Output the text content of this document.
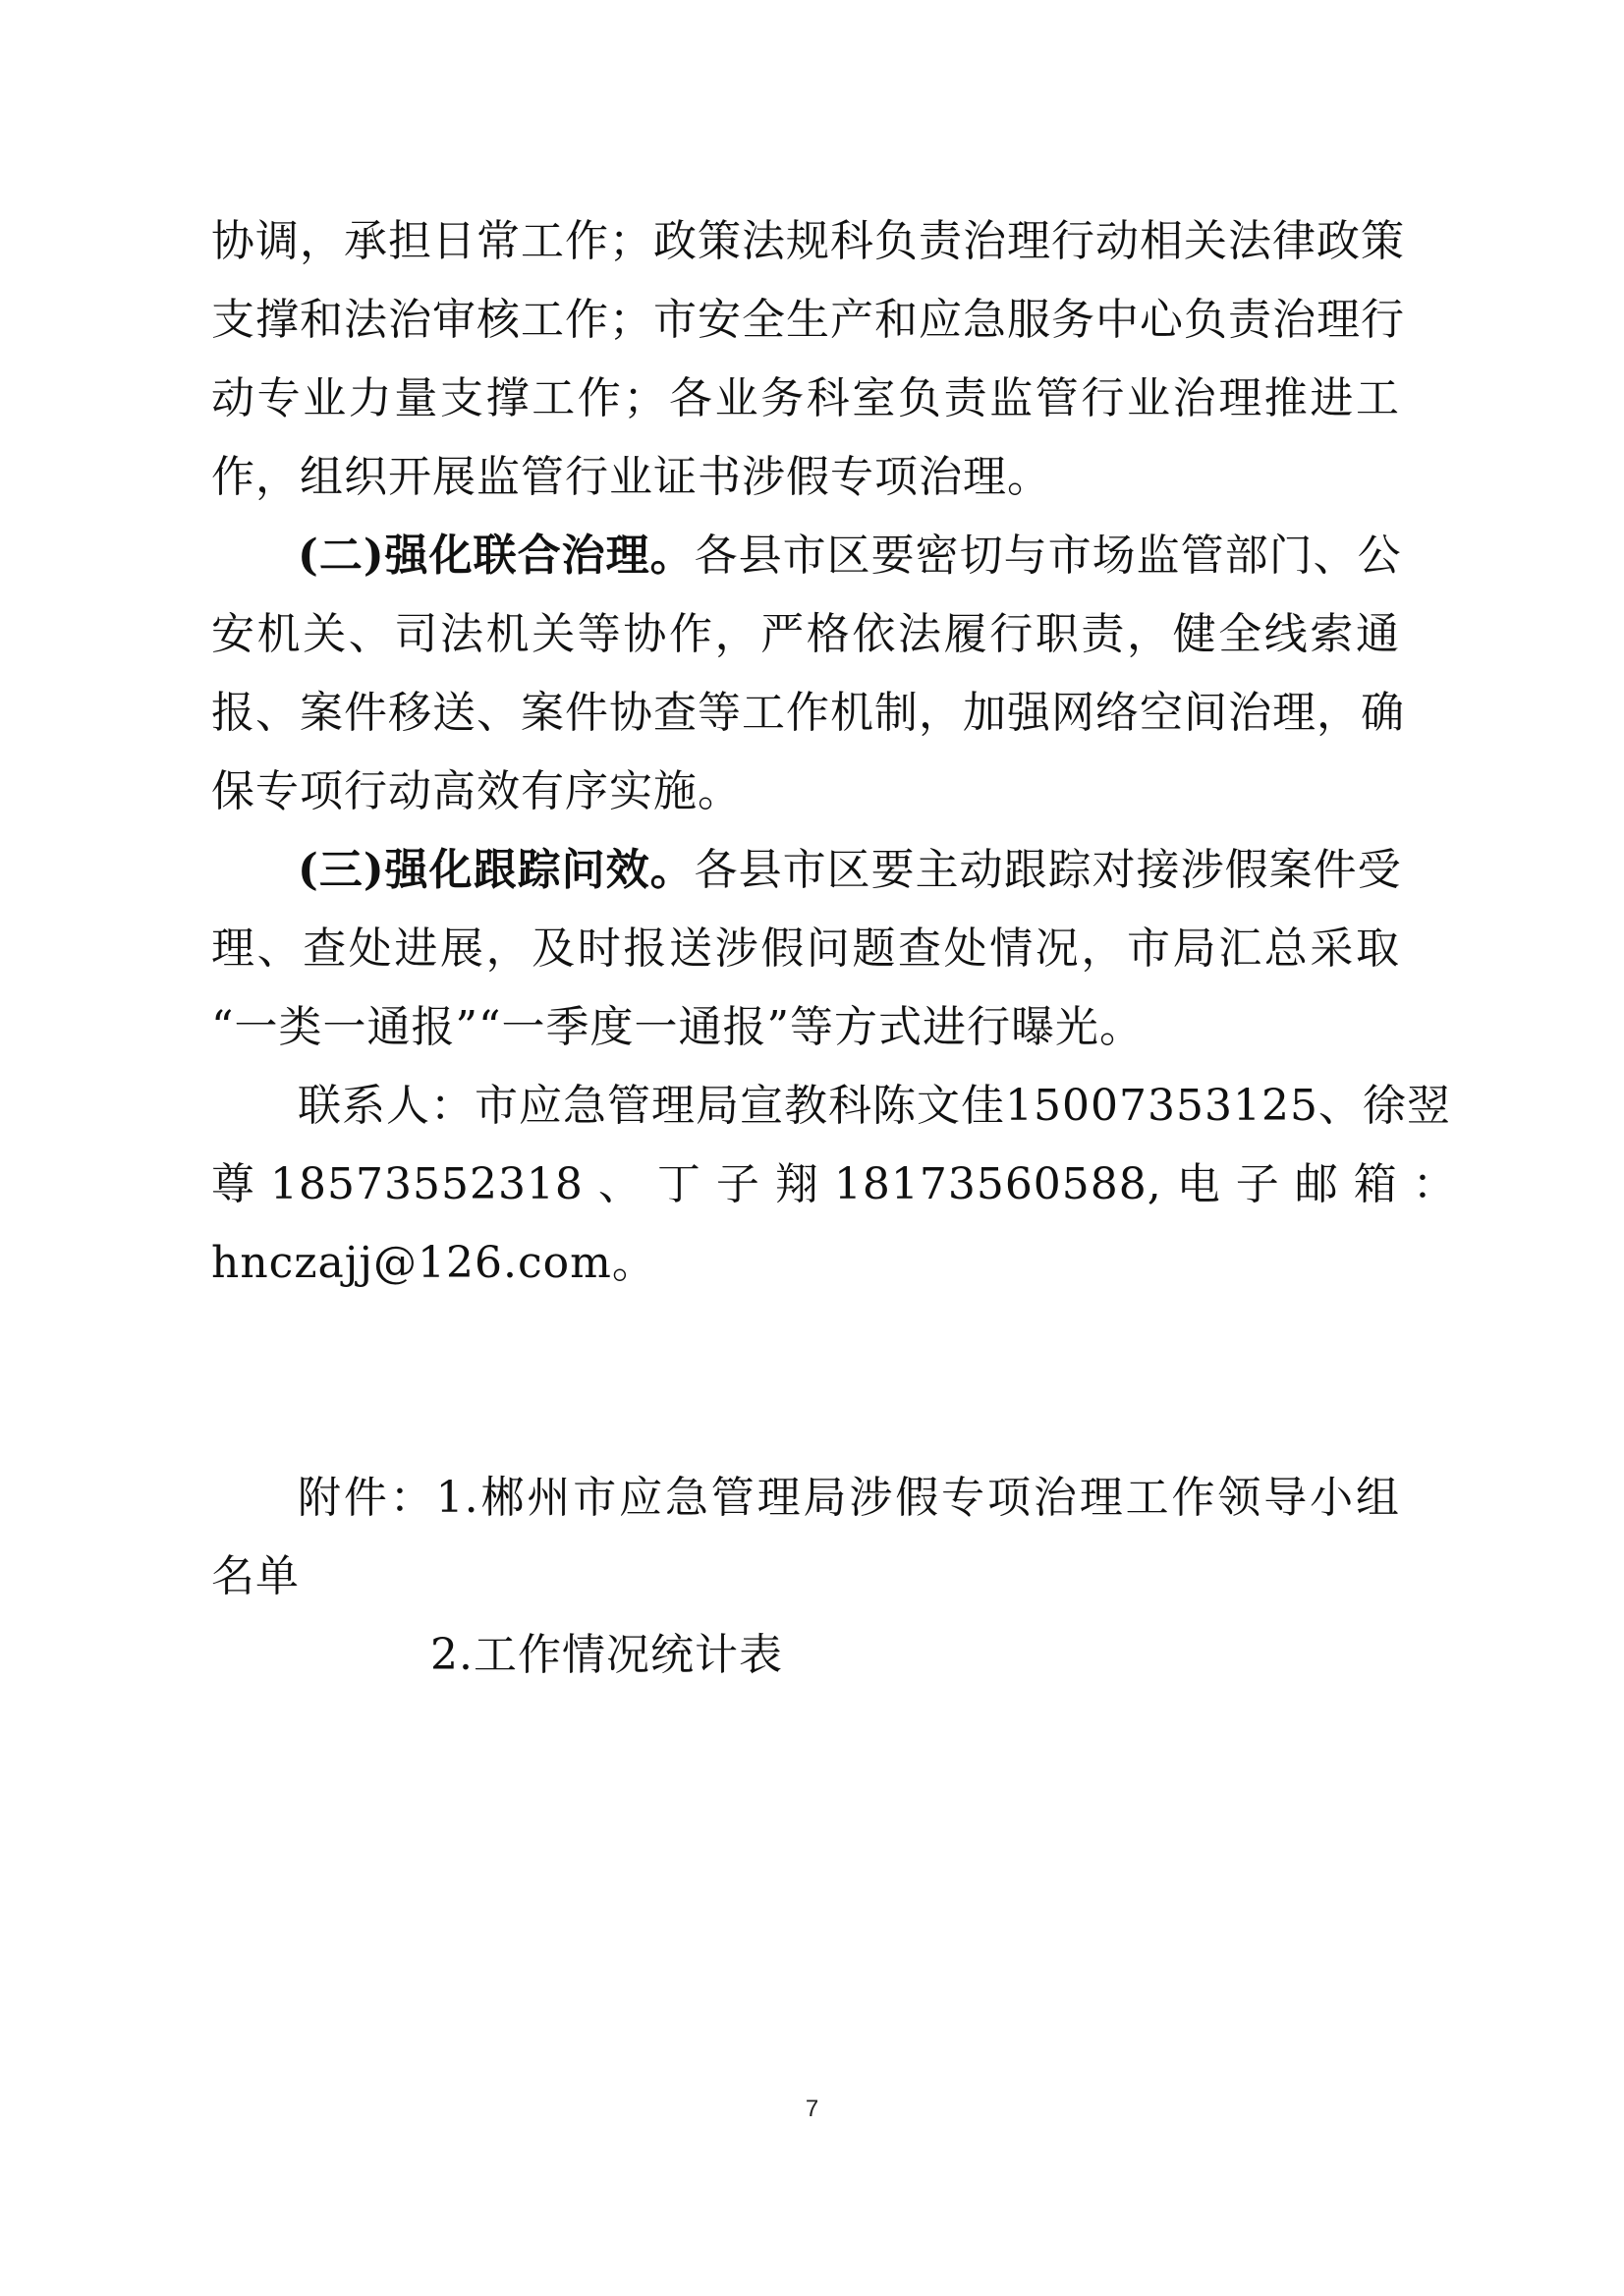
协调，承担日常工作；政策法规科负责治理行动相关法律政策
支撑和法治审核工作；市安全生产和应急服务中心负责治理行
动专业力量支撑工作；各业务科室负责监管行业治理推进工
作，组织开展监管行业证书涉假专项治理。
(二)强化联合治理。各县市区要密切与市场监管部门、公
安机关、司法机关等协作，严格依法履行职责，健全线索通
报、案件移送、案件协查等工作机制，加强网络空间治理，确
保专项行动高效有序实施。
(三)强化跟踪问效。各县市区要主动跟踪对接涉假案件受
理、查处进展，及时报送涉假问题查处情况，市局汇总采取
“一类一通报”“一季度一通报”等方式进行曝光。
联系人：市应急管理局宣教科陈文佳15007353125、徐翌
尊 18573552318 、 丁 子 翔 18173560588, 电 子 邮 箱 ：
hnczajj@126.com。
附件：1.郴州市应急管理局涉假专项治理工作领导小组
名单
2.工作情况统计表
7
